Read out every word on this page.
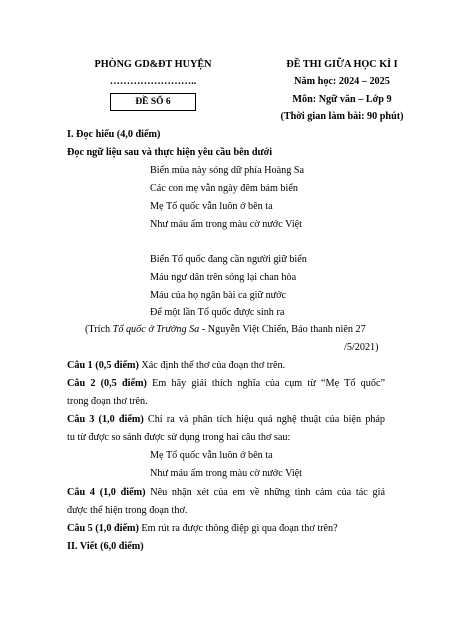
PHÒNG GD&ĐT HUYỆN
……………………..
ĐỀ SỐ 6
ĐỀ THI GIỮA HỌC KÌ I
Năm học: 2024 – 2025
Môn: Ngữ văn – Lớp 9
(Thời gian làm bài: 90 phút)
I. Đọc hiểu (4,0 điểm)
Đọc ngữ liệu sau và thực hiện yêu cầu bên dưới
Biển mùa này sóng dữ phía Hoàng Sa
Các con mẹ vẫn ngày đêm bám biển
Mẹ Tổ quốc vẫn luôn ở bên ta
Như máu ấm trong màu cờ nước Việt
Biển Tổ quốc đang cần người giữ biển
Máu ngư dân trên sóng lại chan hòa
Máu của họ ngân bài ca giữ nước
Để một lần Tổ quốc được sinh ra
(Trích Tổ quốc ở Trường Sa - Nguyễn Việt Chiến, Báo thanh niên 27
/5/2021)
Câu 1 (0,5 điểm) Xác định thể thơ của đoạn thơ trên.
Câu 2 (0,5 điểm) Em hãy giải thích nghĩa của cụm từ “Mẹ Tổ quốc”
trong đoạn thơ trên.
Câu 3 (1,0 điểm) Chỉ ra và phân tích hiệu quả nghệ thuật của biện pháp
tu từ được so sánh được sử dụng trong hai câu thơ sau:
Mẹ Tổ quốc vẫn luôn ở bên ta
Như máu ấm trong màu cờ nước Việt
Câu 4 (1,0 điểm) Nêu nhận xét của em về những tình cảm của tác giả
được thể hiện trong đoạn thơ.
Câu 5 (1,0 điểm) Em rút ra được thông điệp gì qua đoạn thơ trên?
II. Viết (6,0 điểm)
